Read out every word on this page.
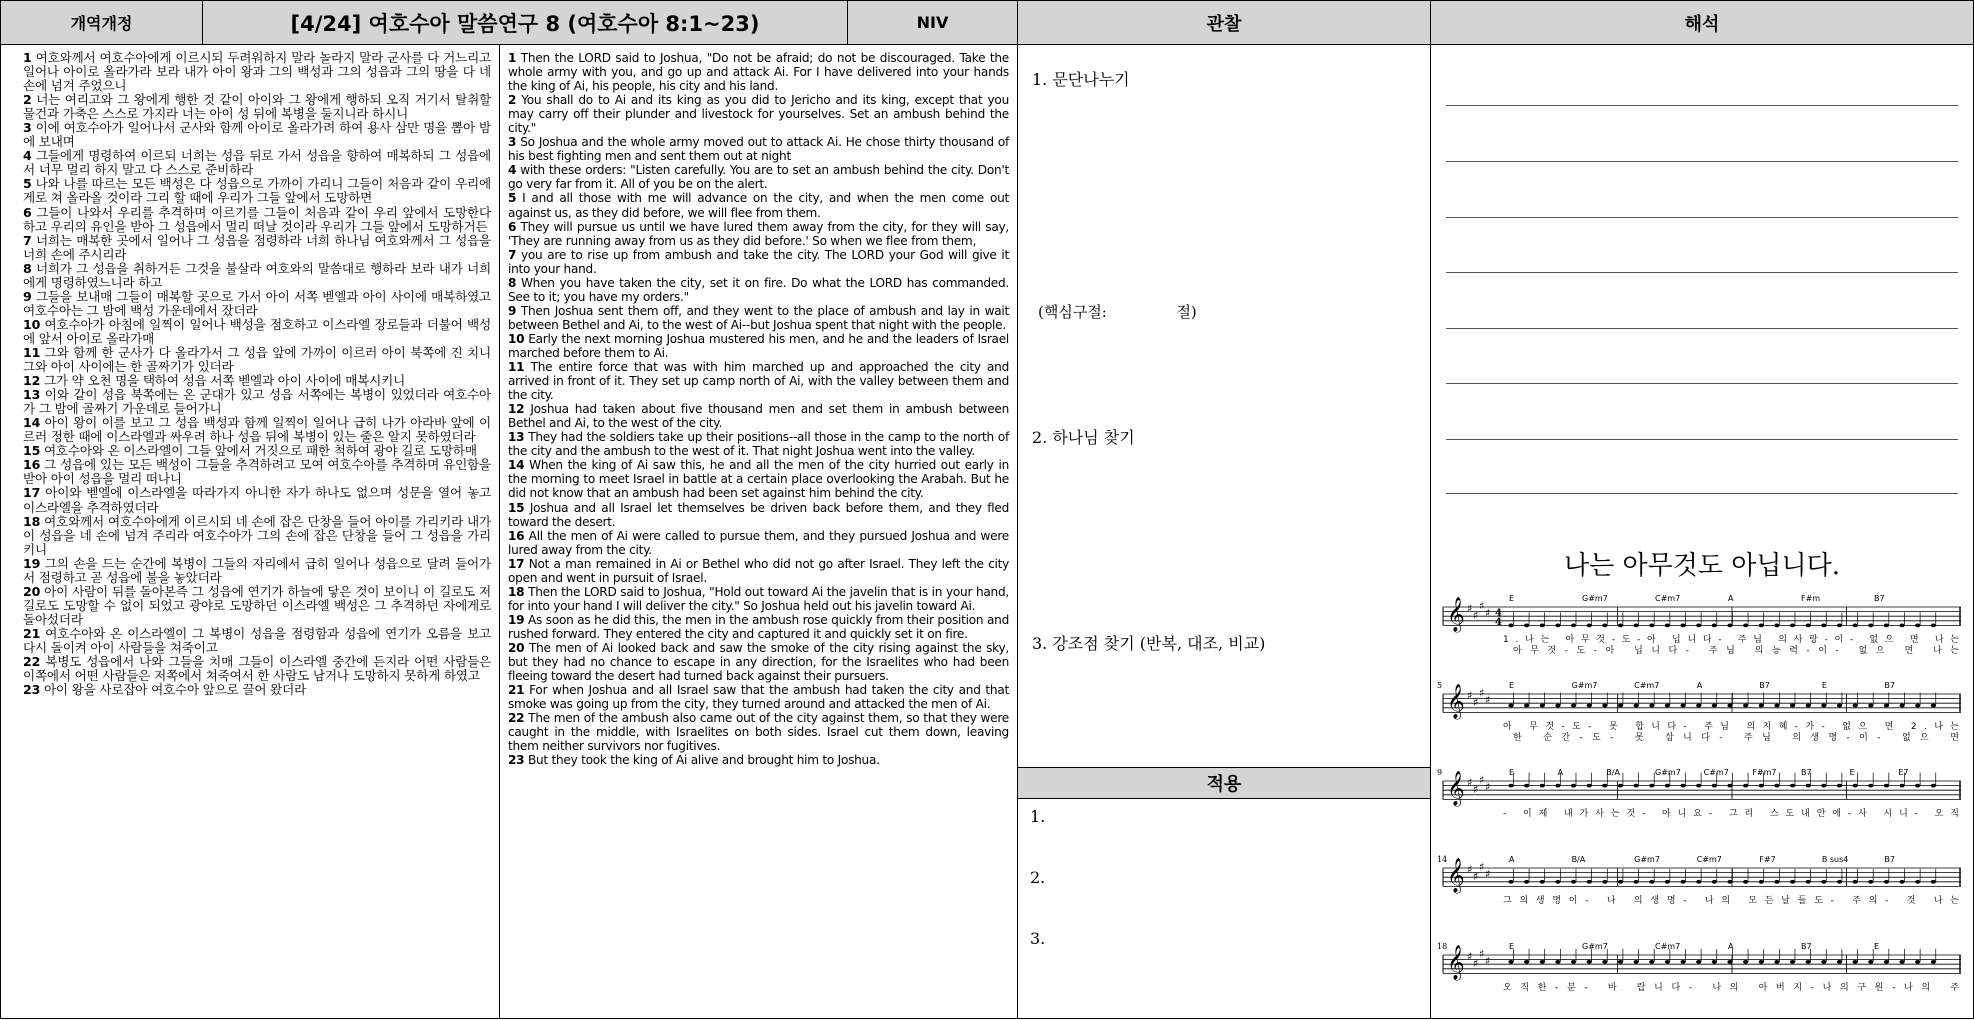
개역개정	[4/24] 여호수아 말씀연구 8 (여호수아 8:1~23)	NIV	관찰	해석

1 여호와께서 여호수아에게 이르시되 두려워하지 말라 놀라지 말라 군사를 다 거느리고 일어나 아이로 올라가라 보라 내가 아이 왕과 그의 백성과 그의 성읍과 그의 땅을 다 네 손에 넘겨 주었으니

2 너는 여리고와 그 왕에게 행한 것 같이 아이와 그 왕에게 행하되 오직 거기서 탈취할 물건과 가축은 스스로 가지라 너는 아이 성 뒤에 복병을 둘지니라 하시니

3 이에 여호수아가 일어나서 군사와 함께 아이로 올라가려 하여 용사 삼만 명을 뽑아 밤에 보내며

4 그들에게 명령하여 이르되 너희는 성읍 뒤로 가서 성읍을 향하여 매복하되 그 성읍에서 너무 멀리 하지 말고 다 스스로 준비하라

5 나와 나를 따르는 모든 백성은 다 성읍으로 가까이 가리니 그들이 처음과 같이 우리에게로 쳐 올라올 것이라 그리 할 때에 우리가 그들 앞에서 도망하면

6 그들이 나와서 우리를 추격하며 이르기를 그들이 처음과 같이 우리 앞에서 도망한다 하고 우리의 유인을 받아 그 성읍에서 멀리 떠날 것이라 우리가 그들 앞에서 도망하거든

7 너희는 매복한 곳에서 일어나 그 성읍을 점령하라 너희 하나님 여호와께서 그 성읍을 너희 손에 주시리라

8 너희가 그 성읍을 취하거든 그것을 불살라 여호와의 말씀대로 행하라 보라 내가 너희에게 명령하였느니라 하고

9 그들을 보내매 그들이 매복할 곳으로 가서 아이 서쪽 벧엘과 아이 사이에 매복하였고 여호수아는 그 밤에 백성 가운데에서 잤더라

10 여호수아가 아침에 일찍이 일어나 백성을 점호하고 이스라엘 장로들과 더불어 백성에 앞서 아이로 올라가매

11 그와 함께 한 군사가 다 올라가서 그 성읍 앞에 가까이 이르러 아이 북쪽에 진 치니 그와 아이 사이에는 한 골짜기가 있더라

12 그가 약 오천 명을 택하여 성읍 서쪽 벧엘과 아이 사이에 매복시키니

13 이와 같이 성읍 북쪽에는 온 군대가 있고 성읍 서쪽에는 복병이 있었더라 여호수아가 그 밤에 골짜기 가운데로 들어가니

14 아이 왕이 이를 보고 그 성읍 백성과 함께 일찍이 일어나 급히 나가 아라바 앞에 이르러 정한 때에 이스라엘과 싸우려 하나 성읍 뒤에 복병이 있는 줄은 알지 못하였더라

15 여호수아와 온 이스라엘이 그들 앞에서 거짓으로 패한 척하여 광야 길로 도망하매

16 그 성읍에 있는 모든 백성이 그들을 추격하려고 모여 여호수아를 추격하며 유인함을 받아 아이 성읍을 멀리 떠나니

17 아이와 벧엘에 이스라엘을 따라가지 아니한 자가 하나도 없으며 성문을 열어 놓고 이스라엘을 추격하였더라

18 여호와께서 여호수아에게 이르시되 네 손에 잡은 단창을 들어 아이를 가리키라 내가 이 성읍을 네 손에 넘겨 주리라 여호수아가 그의 손에 잡은 단창을 들어 그 성읍을 가리키니

19 그의 손을 드는 순간에 복병이 그들의 자리에서 급히 일어나 성읍으로 달려 들어가서 점령하고 곧 성읍에 불을 놓았더라

20 아이 사람이 뒤를 돌아본즉 그 성읍에 연기가 하늘에 닿은 것이 보이니 이 길로도 저 길로도 도망할 수 없이 되었고 광야로 도망하던 이스라엘 백성은 그 추격하던 자에게로 돌아섰더라

21 여호수아와 온 이스라엘이 그 복병이 성읍을 점령함과 성읍에 연기가 오름을 보고 다시 돌이켜 아이 사람들을 쳐죽이고

22 복병도 성읍에서 나와 그들을 치매 그들이 이스라엘 중간에 든지라 어떤 사람들은 이쪽에서 어떤 사람들은 저쪽에서 쳐죽여서 한 사람도 남거나 도망하지 못하게 하였고

23 아이 왕을 사로잡아 여호수아 앞으로 끌어 왔더라

1 Then the LORD said to Joshua, "Do not be afraid; do not be discouraged. Take the whole army with you, and go up and attack Ai. For I have delivered into your hands the king of Ai, his people, his city and his land.

2 You shall do to Ai and its king as you did to Jericho and its king, except that you may carry off their plunder and livestock for yourselves. Set an ambush behind the city."

3 So Joshua and the whole army moved out to attack Ai. He chose thirty thousand of his best fighting men and sent them out at night

4 with these orders: "Listen carefully. You are to set an ambush behind the city. Don't go very far from it. All of you be on the alert.

5 I and all those with me will advance on the city, and when the men come out against us, as they did before, we will flee from them.

6 They will pursue us until we have lured them away from the city, for they will say, 'They are running away from us as they did before.' So when we flee from them,

7 you are to rise up from ambush and take the city. The LORD your God will give it into your hand.

8 When you have taken the city, set it on fire. Do what the LORD has commanded. See to it; you have my orders."

9 Then Joshua sent them off, and they went to the place of ambush and lay in wait between Bethel and Ai, to the west of Ai--but Joshua spent that night with the people.

10 Early the next morning Joshua mustered his men, and he and the leaders of Israel marched before them to Ai.

11 The entire force that was with him marched up and approached the city and arrived in front of it. They set up camp north of Ai, with the valley between them and the city.

12 Joshua had taken about five thousand men and set them in ambush between Bethel and Ai, to the west of the city.

13 They had the soldiers take up their positions--all those in the camp to the north of the city and the ambush to the west of it. That night Joshua went into the valley.

14 When the king of Ai saw this, he and all the men of the city hurried out early in the morning to meet Israel in battle at a certain place overlooking the Arabah. But he did not know that an ambush had been set against him behind the city.

15 Joshua and all Israel let themselves be driven back before them, and they fled toward the desert.

16 All the men of Ai were called to pursue them, and they pursued Joshua and were lured away from the city.

17 Not a man remained in Ai or Bethel who did not go after Israel. They left the city open and went in pursuit of Israel.

18 Then the LORD said to Joshua, "Hold out toward Ai the javelin that is in your hand, for into your hand I will deliver the city." So Joshua held out his javelin toward Ai.

19 As soon as he did this, the men in the ambush rose quickly from their position and rushed forward. They entered the city and captured it and quickly set it on fire.

20 The men of Ai looked back and saw the smoke of the city rising against the sky, but they had no chance to escape in any direction, for the Israelites who had been fleeing toward the desert had turned back against their pursuers.

21 For when Joshua and all Israel saw that the ambush had taken the city and that smoke was going up from the city, they turned around and attacked the men of Ai.

22 The men of the ambush also came out of the city against them, so that they were caught in the middle, with Israelites on both sides. Israel cut them down, leaving them neither survivors nor fugitives.

23 But they took the king of Ai alive and brought him to Joshua.

1. 문단나누기
(핵심구절:	절)
2. 하나님 찾기
3. 강조점 찾기 (반복, 대조, 비교)
적용
1.
2.
3.
나는 아무것도 아닙니다.
𝄞 ♯
♯
♯
♯ 4
4
E	G#m7	C#m7	A	F#m	B7
1.나는 아무것-도-아 닙니다- 주님 의사랑-이- 없으 면 나는
아무것-도-아 닙니다- 주님 의능력-이- 없으 면 나는
𝄞 ♯
♯
♯
♯
5	E	G#m7	C#m7	A	B7	E	B7
아 무것-도- 못 합니다- 주님 의지혜-가- 없으 면 2.나는
한 순간-도- 못 삽니다- 주님 의생명-이- 없으 면
𝄞 ♯
♯
♯
♯
9	E	A	B/A	G#m7	C#m7	F#m7	B7	E	E7
- 이제 내가사는것- 아니요- 그리 스도내안에-사 시니- 오직
𝄞 ♯
♯
♯
♯
14	A	B/A	G#m7	C#m7	F#7	B sus4	B7
그의생명이- 나 의생명- 나의 모든날들도- 주의- 것 나는
𝄞 ♯
♯
♯
♯
18	E	G#m7	C#m7	A	B7	E
오직한-분- 바 랍니다- 나의 아버지-나의구원-나의 주
